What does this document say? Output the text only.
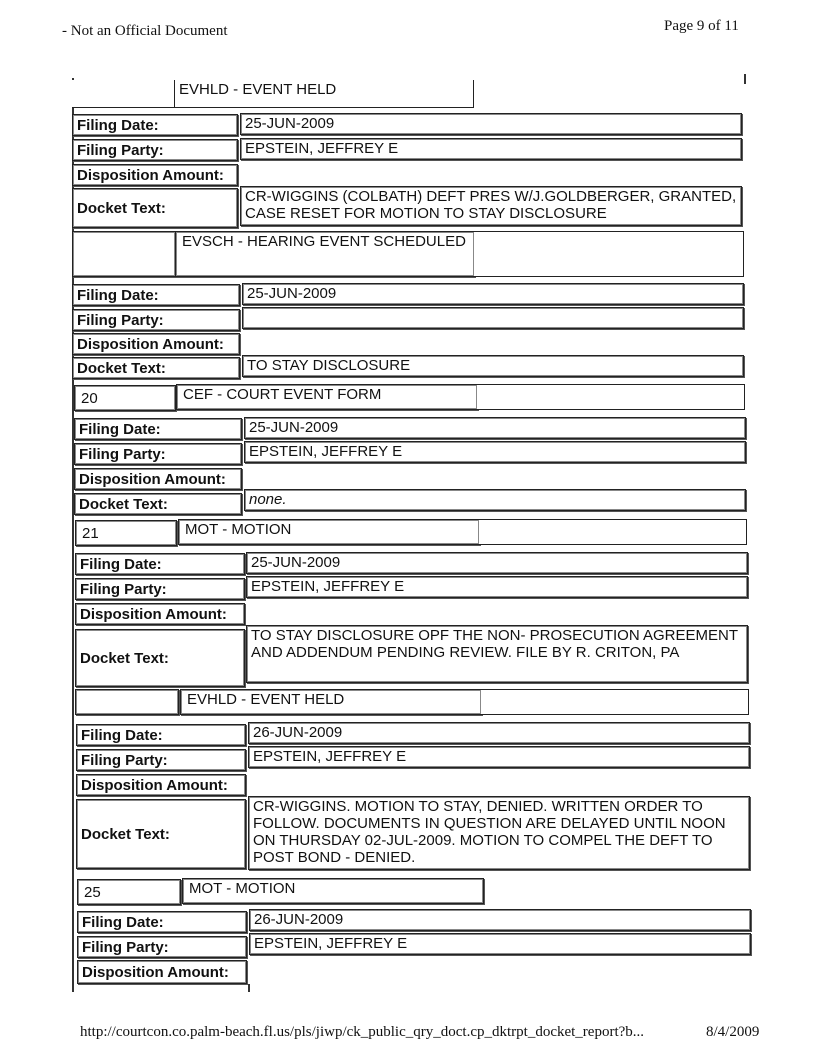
- Not an Official Document	Page 9 of 11
EVHLD - EVENT HELD
Filing Date:	25-JUN-2009
Filing Party:	EPSTEIN, JEFFREY E
Disposition Amount:
Docket Text:
CR-WIGGINS (COLBATH) DEFT PRES W/J.GOLDBERGER, GRANTED, CASE RESET FOR MOTION TO STAY DISCLOSURE
EVSCH - HEARING EVENT SCHEDULED
Filing Date:	25-JUN-2009
Filing Party:
Disposition Amount:
Docket Text:	TO STAY DISCLOSURE
20	CEF - COURT EVENT FORM
Filing Date:	25-JUN-2009
Filing Party:	EPSTEIN, JEFFREY E
Disposition Amount:
Docket Text:	none.
21	MOT - MOTION
Filing Date:	25-JUN-2009
Filing Party:	EPSTEIN, JEFFREY E
Disposition Amount:
Docket Text:
TO STAY DISCLOSURE OPF THE NON- PROSECUTION AGREEMENT AND ADDENDUM PENDING REVIEW. FILE BY R. CRITON, PA
EVHLD - EVENT HELD
Filing Date:	26-JUN-2009
Filing Party:	EPSTEIN, JEFFREY E
Disposition Amount:
Docket Text:
CR-WIGGINS. MOTION TO STAY, DENIED. WRITTEN ORDER TO FOLLOW. DOCUMENTS IN QUESTION ARE DELAYED UNTIL NOON ON THURSDAY 02-JUL-2009. MOTION TO COMPEL THE DEFT TO POST BOND - DENIED.
25	MOT - MOTION
Filing Date:	26-JUN-2009
Filing Party:	EPSTEIN, JEFFREY E
Disposition Amount:
http://courtcon.co.palm-beach.fl.us/pls/jiwp/ck_public_qry_doct.cp_dktrpt_docket_report?b...	8/4/2009
